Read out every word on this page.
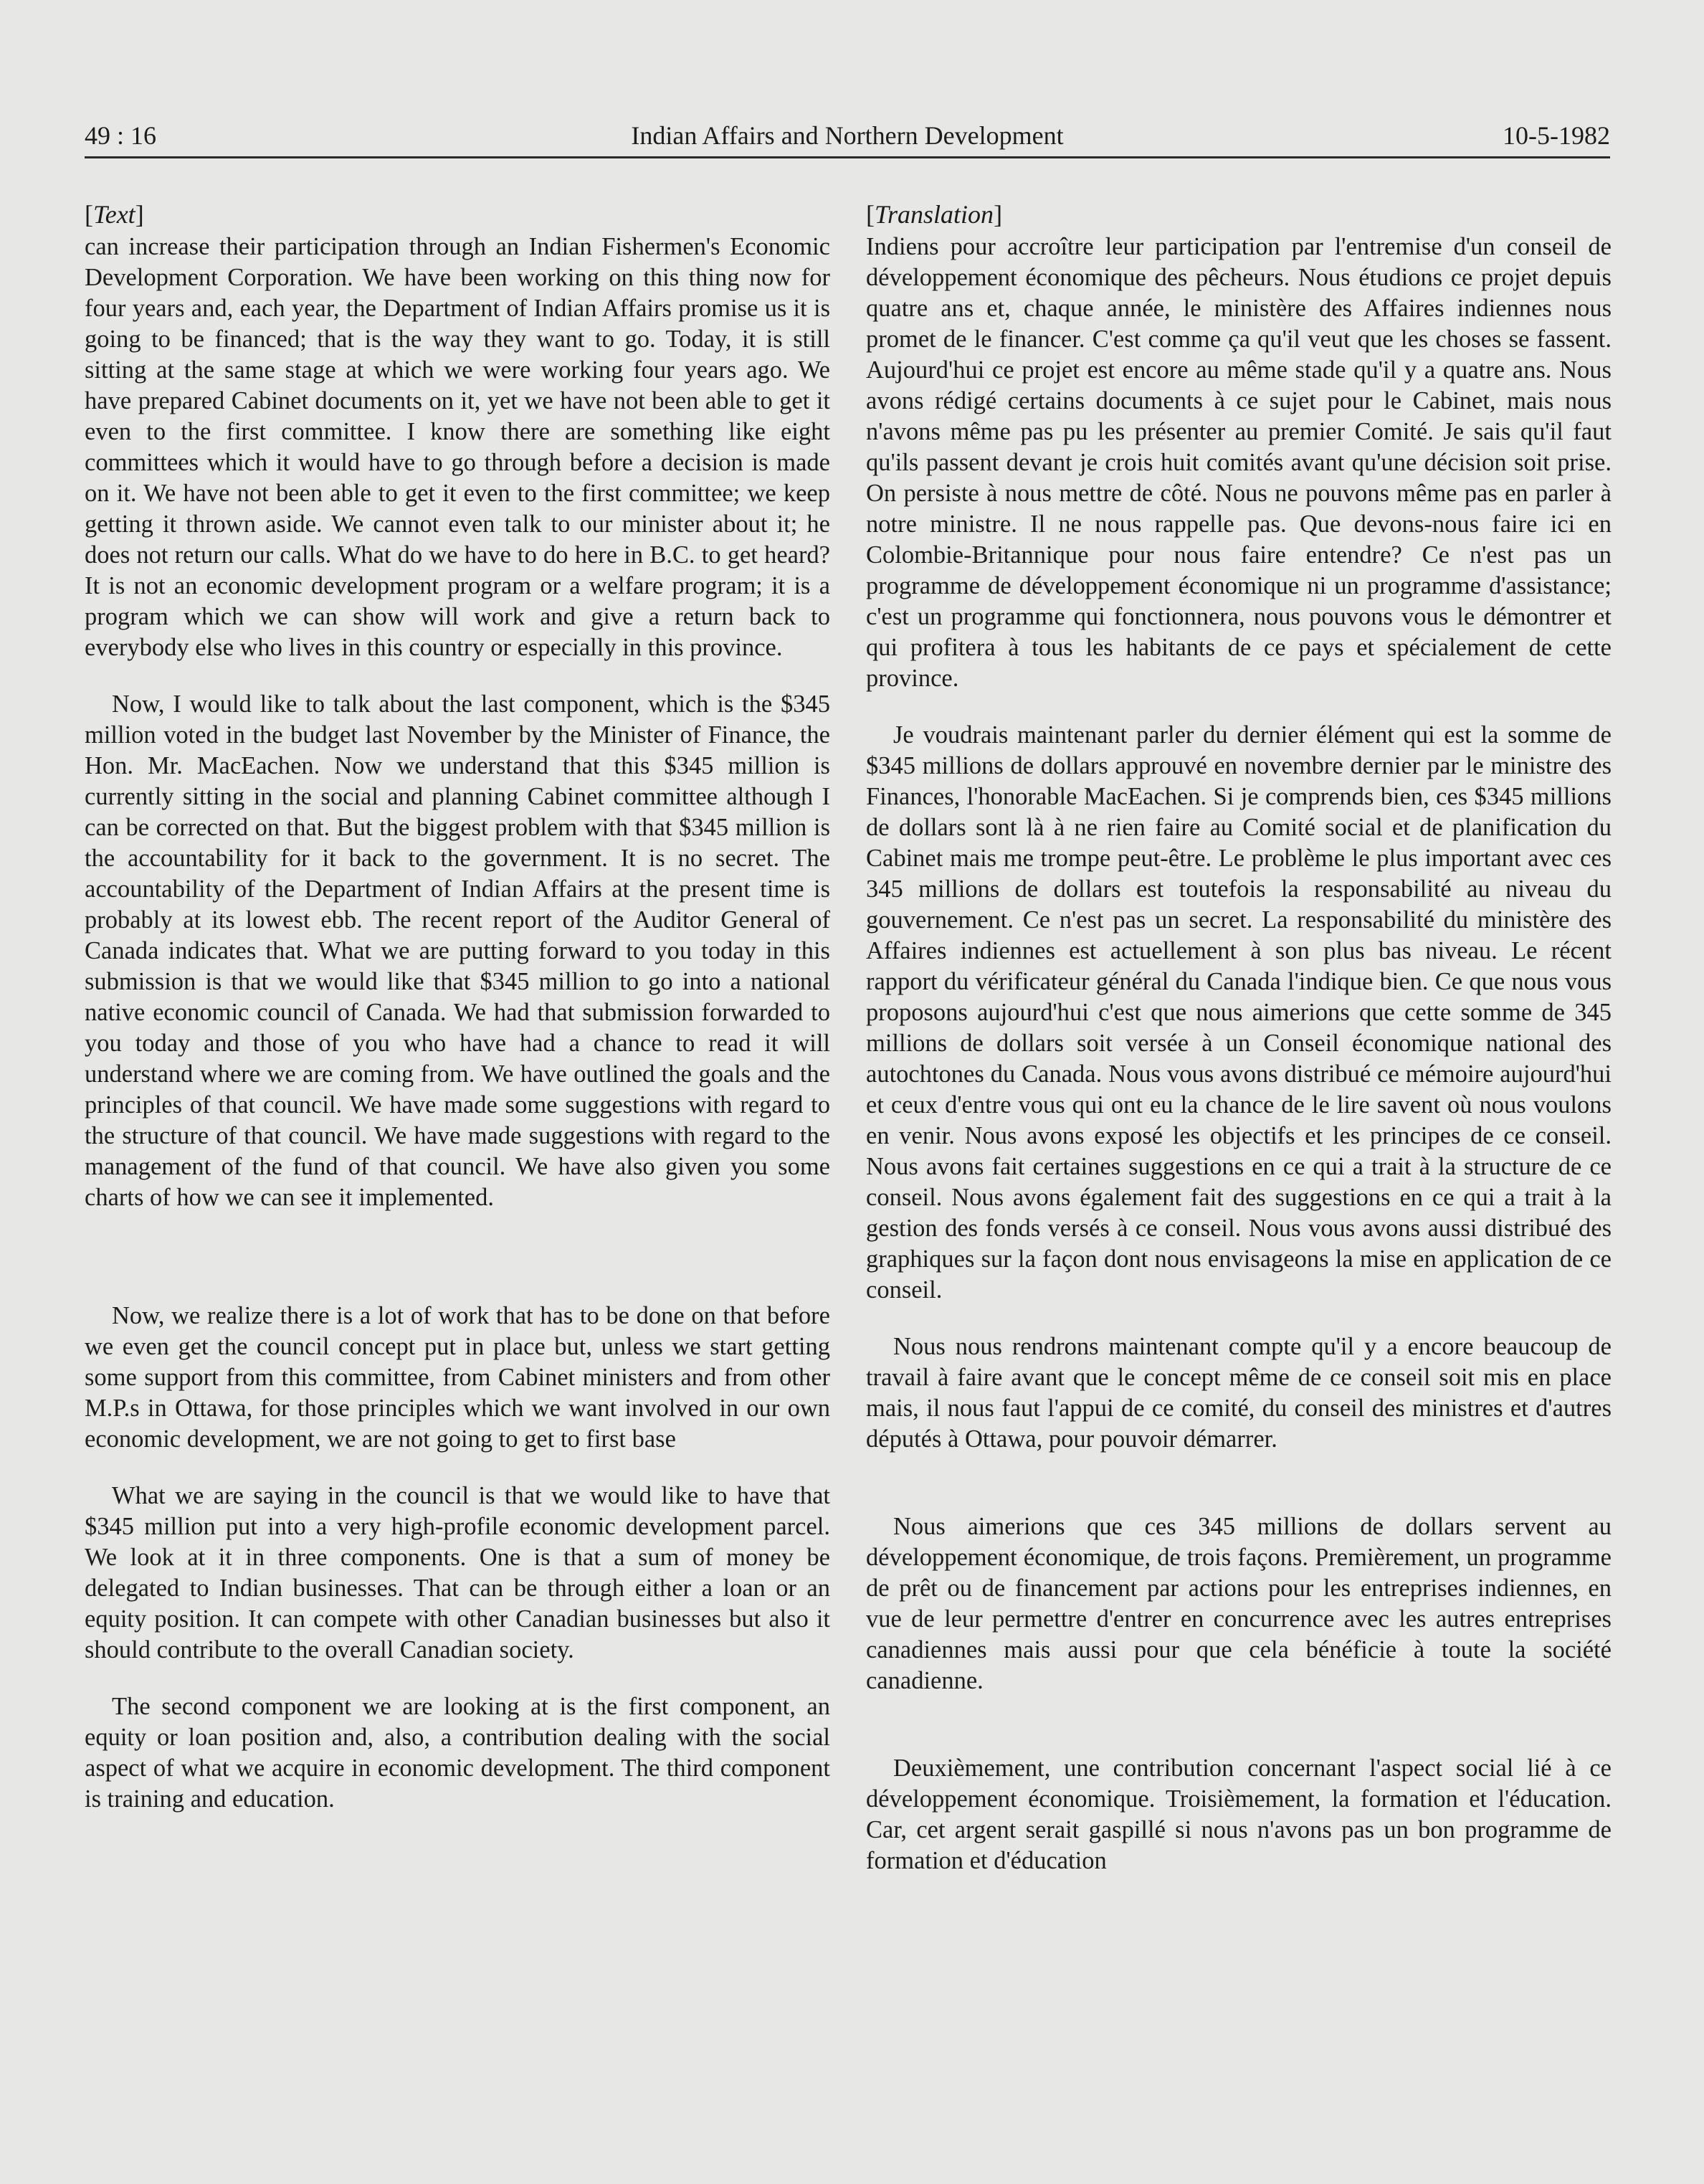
49 : 16	Indian Affairs and Northern Development	10-5-1982
[Text]

can increase their participation through an Indian Fishermen's Economic Development Corporation. We have been working on this thing now for four years and, each year, the Department of Indian Affairs promise us it is going to be financed; that is the way they want to go. Today, it is still sitting at the same stage at which we were working four years ago. We have prepared Cabinet documents on it, yet we have not been able to get it even to the first committee. I know there are something like eight committees which it would have to go through before a decision is made on it. We have not been able to get it even to the first committee; we keep getting it thrown aside. We cannot even talk to our minister about it; he does not return our calls. What do we have to do here in B.C. to get heard? It is not an economic development program or a welfare program; it is a program which we can show will work and give a return back to everybody else who lives in this country or especially in this province.

Now, I would like to talk about the last component, which is the $345 million voted in the budget last November by the Minister of Finance, the Hon. Mr. MacEachen. Now we understand that this $345 million is currently sitting in the social and planning Cabinet committee although I can be corrected on that. But the biggest problem with that $345 million is the accountability for it back to the government. It is no secret. The accountability of the Department of Indian Affairs at the present time is probably at its lowest ebb. The recent report of the Auditor General of Canada indicates that. What we are putting forward to you today in this submission is that we would like that $345 million to go into a national native economic council of Canada. We had that submission forwarded to you today and those of you who have had a chance to read it will understand where we are coming from. We have outlined the goals and the principles of that council. We have made some suggestions with regard to the structure of that council. We have made suggestions with regard to the management of the fund of that council. We have also given you some charts of how we can see it implemented.

Now, we realize there is a lot of work that has to be done on that before we even get the council concept put in place but, unless we start getting some support from this committee, from Cabinet ministers and from other M.P.s in Ottawa, for those principles which we want involved in our own economic development, we are not going to get to first base

What we are saying in the council is that we would like to have that $345 million put into a very high-profile economic development parcel. We look at it in three components. One is that a sum of money be delegated to Indian businesses. That can be through either a loan or an equity position. It can compete with other Canadian businesses but also it should contribute to the overall Canadian society.

The second component we are looking at is the first component, an equity or loan position and, also, a contribution dealing with the social aspect of what we acquire in economic development. The third component is training and education.

[Translation]

Indiens pour accroître leur participation par l'entremise d'un conseil de développement économique des pêcheurs. Nous étudions ce projet depuis quatre ans et, chaque année, le ministère des Affaires indiennes nous promet de le financer. C'est comme ça qu'il veut que les choses se fassent. Aujourd'hui ce projet est encore au même stade qu'il y a quatre ans. Nous avons rédigé certains documents à ce sujet pour le Cabinet, mais nous n'avons même pas pu les présenter au premier Comité. Je sais qu'il faut qu'ils passent devant je crois huit comités avant qu'une décision soit prise. On persiste à nous mettre de côté. Nous ne pouvons même pas en parler à notre ministre. Il ne nous rappelle pas. Que devons-nous faire ici en Colombie-Britannique pour nous faire entendre? Ce n'est pas un programme de développement économique ni un programme d'assistance; c'est un programme qui fonctionnera, nous pouvons vous le démontrer et qui profitera à tous les habitants de ce pays et spécialement de cette province.

Je voudrais maintenant parler du dernier élément qui est la somme de $345 millions de dollars approuvé en novembre dernier par le ministre des Finances, l'honorable MacEachen. Si je comprends bien, ces $345 millions de dollars sont là à ne rien faire au Comité social et de planification du Cabinet mais me trompe peut-être. Le problème le plus important avec ces 345 millions de dollars est toutefois la responsabilité au niveau du gouvernement. Ce n'est pas un secret. La responsabilité du ministère des Affaires indiennes est actuellement à son plus bas niveau. Le récent rapport du vérificateur général du Canada l'indique bien. Ce que nous vous proposons aujourd'hui c'est que nous aimerions que cette somme de 345 millions de dollars soit versée à un Conseil économique national des autochtones du Canada. Nous vous avons distribué ce mémoire aujourd'hui et ceux d'entre vous qui ont eu la chance de le lire savent où nous voulons en venir. Nous avons exposé les objectifs et les principes de ce conseil. Nous avons fait certaines suggestions en ce qui a trait à la structure de ce conseil. Nous avons également fait des suggestions en ce qui a trait à la gestion des fonds versés à ce conseil. Nous vous avons aussi distribué des graphiques sur la façon dont nous envisageons la mise en application de ce conseil.

Nous nous rendrons maintenant compte qu'il y a encore beaucoup de travail à faire avant que le concept même de ce conseil soit mis en place mais, il nous faut l'appui de ce comité, du conseil des ministres et d'autres députés à Ottawa, pour pouvoir démarrer.

Nous aimerions que ces 345 millions de dollars servent au développement économique, de trois façons. Premièrement, un programme de prêt ou de financement par actions pour les entreprises indiennes, en vue de leur permettre d'entrer en concurrence avec les autres entreprises canadiennes mais aussi pour que cela bénéficie à toute la société canadienne.

Deuxièmement, une contribution concernant l'aspect social lié à ce développement économique. Troisièmement, la formation et l'éducation. Car, cet argent serait gaspillé si nous n'avons pas un bon programme de formation et d'éducation
